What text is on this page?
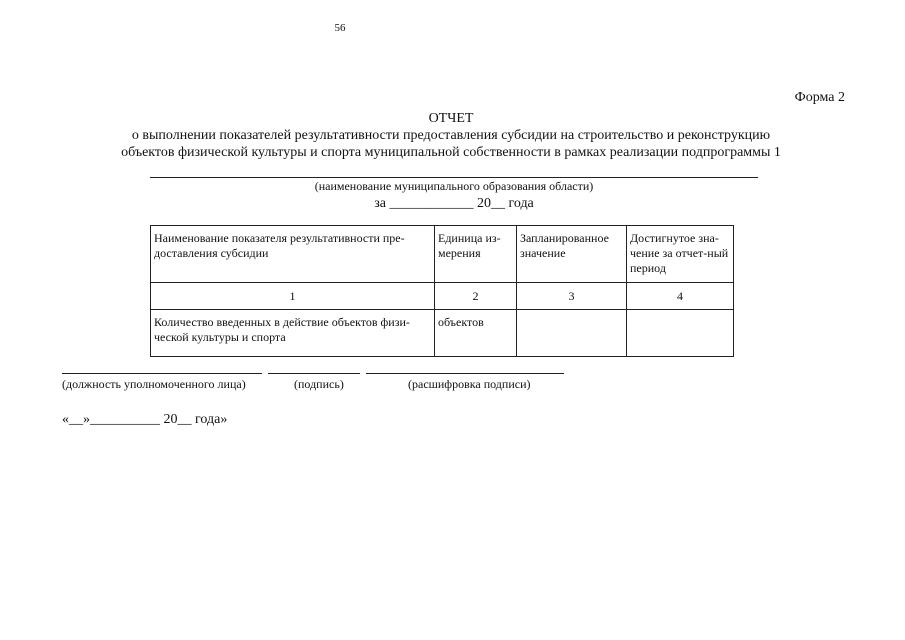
56
Форма 2
ОТЧЕТ
о выполнении показателей результативности предоставления субсидии на строительство и реконструкцию
объектов физической культуры и спорта муниципальной собственности в рамках реализации подпрограммы 1
(наименование муниципального образования области)
за ____________ 20__ года
Наименование показателя результативности пре-доставления субсидии	Единица из-мерения	Запланированное значение	Достигнутое зна-чение за отчет-ный период
1	2	3	4
Количество введенных в действие объектов физи-ческой культуры и спорта	объектов		
(должность уполномоченного лица)	(подпись)	(расшифровка подписи)
«__»__________ 20__ года»
